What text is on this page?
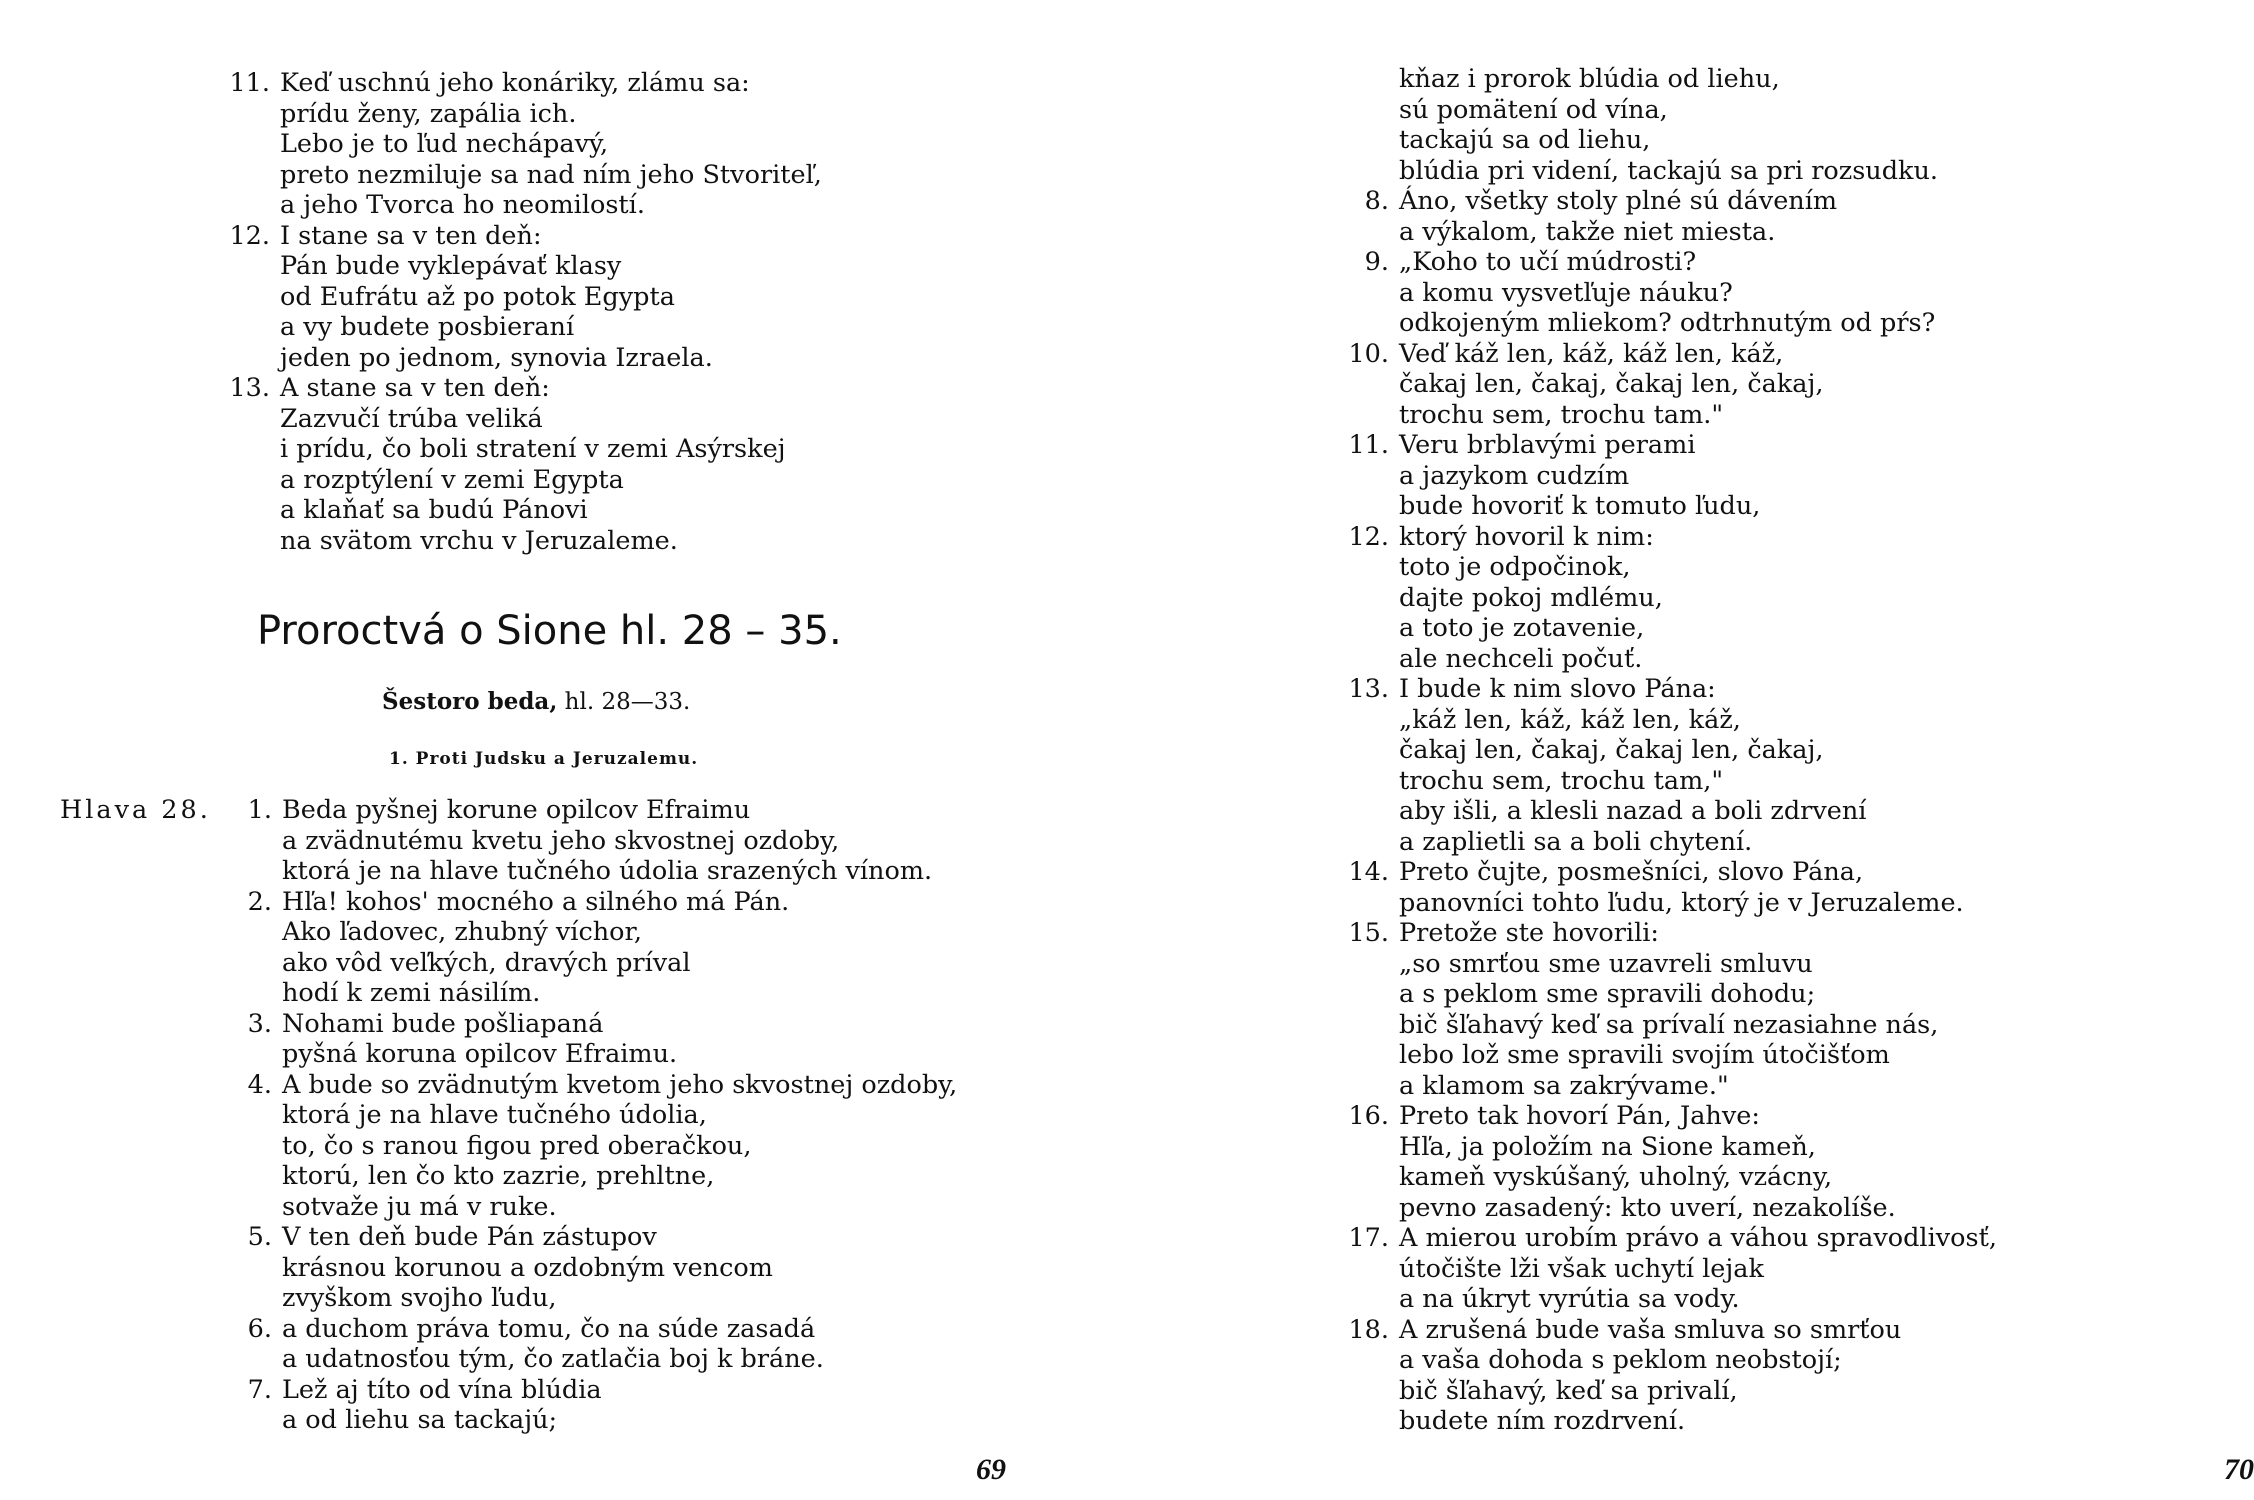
11. Keď uschnú jeho konáriky, zlámu sa:
prídu ženy, zapália ich.
Lebo je to ľud nechápavý,
preto nezmiluje sa nad ním jeho Stvoriteľ,
a jeho Tvorca ho neomilostí.
12. I stane sa v ten deň:
Pán bude vyklepávať klasy
od Eufrátu až po potok Egypta
a vy budete posbieraní
jeden po jednom, synovia Izraela.
13. A stane sa v ten deň:
Zazvučí trúba veliká
i prídu, čo boli stratení v zemi Asýrskej
a rozptýlení v zemi Egypta
a klaňať sa budú Pánovi
na svätom vrchu v Jeruzaleme.
Proroctvá o Sione hl. 28 – 35.
Šestoro beda, hl. 28—33.
1. Proti Judsku a Jeruzalemu.
Hlava 28. 1. Beda pyšnej korune opilcov Efraimu
a zvädnutému kvetu jeho skvostnej ozdoby,
ktorá je na hlave tučného údolia srazených vínom.
2. Hľa! kohos' mocného a silného má Pán.
Ako ľadovec, zhubný víchor,
ako vôd veľkých, dravých príval
hodí k zemi násilím.
3. Nohami bude pošliapaná
pyšná koruna opilcov Efraimu.
4. A bude so zvädnutým kvetom jeho skvostnej ozdoby,
ktorá je na hlave tučného údolia,
to, čo s ranou figou pred oberačkou,
ktorú, len čo kto zazrie, prehltne,
sotvaže ju má v ruke.
5. V ten deň bude Pán zástupov
krásnou korunou a ozdobným vencom
zvyškom svojho ľudu,
6. a duchom práva tomu, čo na súde zasadá
a udatnosťou tým, čo zatlačia boj k bráne.
7. Lež aj títo od vína blúdia
a od liehu sa tackajú;
69
kňaz i prorok blúdia od liehu,
sú pomätení od vína,
tackajú sa od liehu,
blúdia pri videní, tackajú sa pri rozsudku.
8. Áno, všetky stoly plné sú dávením
a výkalom, takže niet miesta.
9. „Koho to učí múdrosti?
a komu vysvetľuje náuku?
odkojeným mliekom? odtrhnutým od pŕs?
10. Veď káž len, káž, káž len, káž,
čakaj len, čakaj, čakaj len, čakaj,
trochu sem, trochu tam."
11. Veru brblavými perami
a jazykom cudzím
bude hovoriť k tomuto ľudu,
12. ktorý hovoril k nim:
toto je odpočinok,
dajte pokoj mdlému,
a toto je zotavenie,
ale nechceli počuť.
13. I bude k nim slovo Pána:
„káž len, káž, káž len, káž,
čakaj len, čakaj, čakaj len, čakaj,
trochu sem, trochu tam,"
aby išli, a klesli nazad a boli zdrvení
a zaplietli sa a boli chytení.
14. Preto čujte, posmešníci, slovo Pána,
panovníci tohto ľudu, ktorý je v Jeruzaleme.
15. Pretože ste hovorili:
„so smrťou sme uzavreli smluvu
a s peklom sme spravili dohodu;
bič šľahavý keď sa prívalí nezasiahne nás,
lebo lož sme spravili svojím útočišťom
a klamom sa zakrývame."
16. Preto tak hovorí Pán, Jahve:
Hľa, ja položím na Sione kameň,
kameň vyskúšaný, uholný, vzácny,
pevno zasadený: kto uverí, nezakolíše.
17. A mierou urobím právo a váhou spravodlivosť,
útočište lži však uchytí lejak
a na úkryt vyrútia sa vody.
18. A zrušená bude vaša smluva so smrťou
a vaša dohoda s peklom neobstojí;
bič šľahavý, keď sa privalí,
budete ním rozdrvení.
70
